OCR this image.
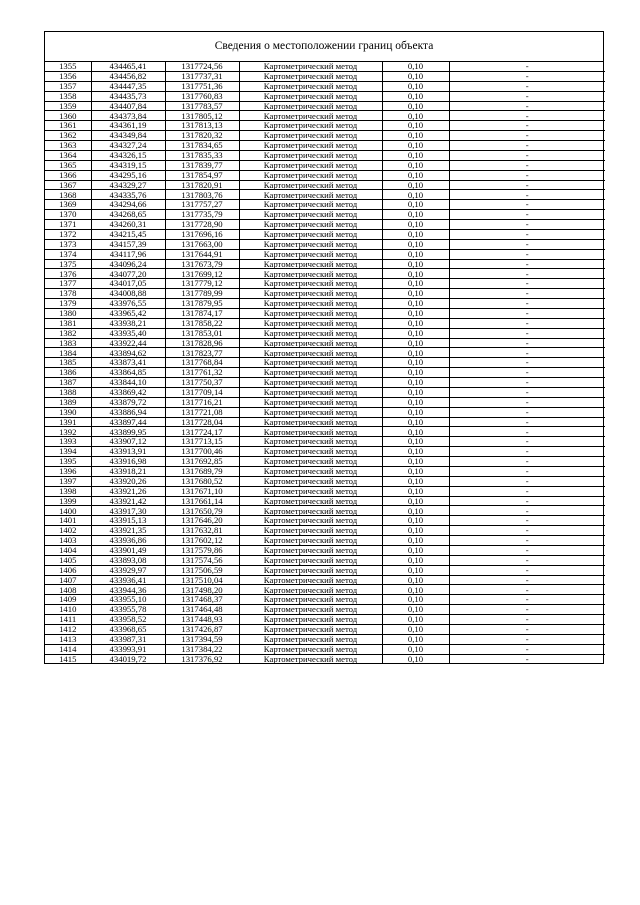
Сведения о местоположении границ объекта
1355	434465,41	1317724,56	Картометрический метод	0,10	-
1356	434456,82	1317737,31	Картометрический метод	0,10	-
1357	434447,35	1317751,36	Картометрический метод	0,10	-
1358	434435,73	1317760,83	Картометрический метод	0,10	-
1359	434407,84	1317783,57	Картометрический метод	0,10	-
1360	434373,84	1317805,12	Картометрический метод	0,10	-
1361	434361,19	1317813,13	Картометрический метод	0,10	-
1362	434349,84	1317820,32	Картометрический метод	0,10	-
1363	434327,24	1317834,65	Картометрический метод	0,10	-
1364	434326,15	1317835,33	Картометрический метод	0,10	-
1365	434319,15	1317839,77	Картометрический метод	0,10	-
1366	434295,16	1317854,97	Картометрический метод	0,10	-
1367	434329,27	1317820,91	Картометрический метод	0,10	-
1368	434335,76	1317803,76	Картометрический метод	0,10	-
1369	434294,66	1317757,27	Картометрический метод	0,10	-
1370	434268,65	1317735,79	Картометрический метод	0,10	-
1371	434260,31	1317728,90	Картометрический метод	0,10	-
1372	434215,45	1317696,16	Картометрический метод	0,10	-
1373	434157,39	1317663,00	Картометрический метод	0,10	-
1374	434117,96	1317644,91	Картометрический метод	0,10	-
1375	434096,24	1317673,79	Картометрический метод	0,10	-
1376	434077,20	1317699,12	Картометрический метод	0,10	-
1377	434017,05	1317779,12	Картометрический метод	0,10	-
1378	434008,88	1317789,99	Картометрический метод	0,10	-
1379	433976,55	1317879,95	Картометрический метод	0,10	-
1380	433965,42	1317874,17	Картометрический метод	0,10	-
1381	433938,21	1317858,22	Картометрический метод	0,10	-
1382	433935,40	1317853,01	Картометрический метод	0,10	-
1383	433922,44	1317828,96	Картометрический метод	0,10	-
1384	433894,62	1317823,77	Картометрический метод	0,10	-
1385	433873,41	1317768,84	Картометрический метод	0,10	-
1386	433864,85	1317761,32	Картометрический метод	0,10	-
1387	433844,10	1317750,37	Картометрический метод	0,10	-
1388	433869,42	1317709,14	Картометрический метод	0,10	-
1389	433879,72	1317716,21	Картометрический метод	0,10	-
1390	433886,94	1317721,08	Картометрический метод	0,10	-
1391	433897,44	1317728,04	Картометрический метод	0,10	-
1392	433899,95	1317724,17	Картометрический метод	0,10	-
1393	433907,12	1317713,15	Картометрический метод	0,10	-
1394	433913,91	1317700,46	Картометрический метод	0,10	-
1395	433916,98	1317692,85	Картометрический метод	0,10	-
1396	433918,21	1317689,79	Картометрический метод	0,10	-
1397	433920,26	1317680,52	Картометрический метод	0,10	-
1398	433921,26	1317671,10	Картометрический метод	0,10	-
1399	433921,42	1317661,14	Картометрический метод	0,10	-
1400	433917,30	1317650,79	Картометрический метод	0,10	-
1401	433915,13	1317646,20	Картометрический метод	0,10	-
1402	433921,35	1317632,81	Картометрический метод	0,10	-
1403	433936,86	1317602,12	Картометрический метод	0,10	-
1404	433901,49	1317579,86	Картометрический метод	0,10	-
1405	433893,08	1317574,56	Картометрический метод	0,10	-
1406	433929,97	1317506,59	Картометрический метод	0,10	-
1407	433936,41	1317510,04	Картометрический метод	0,10	-
1408	433944,36	1317498,20	Картометрический метод	0,10	-
1409	433955,10	1317468,37	Картометрический метод	0,10	-
1410	433955,78	1317464,48	Картометрический метод	0,10	-
1411	433958,52	1317448,93	Картометрический метод	0,10	-
1412	433968,65	1317426,87	Картометрический метод	0,10	-
1413	433987,31	1317394,59	Картометрический метод	0,10	-
1414	433993,91	1317384,22	Картометрический метод	0,10	-
1415	434019,72	1317376,92	Картометрический метод	0,10	-
